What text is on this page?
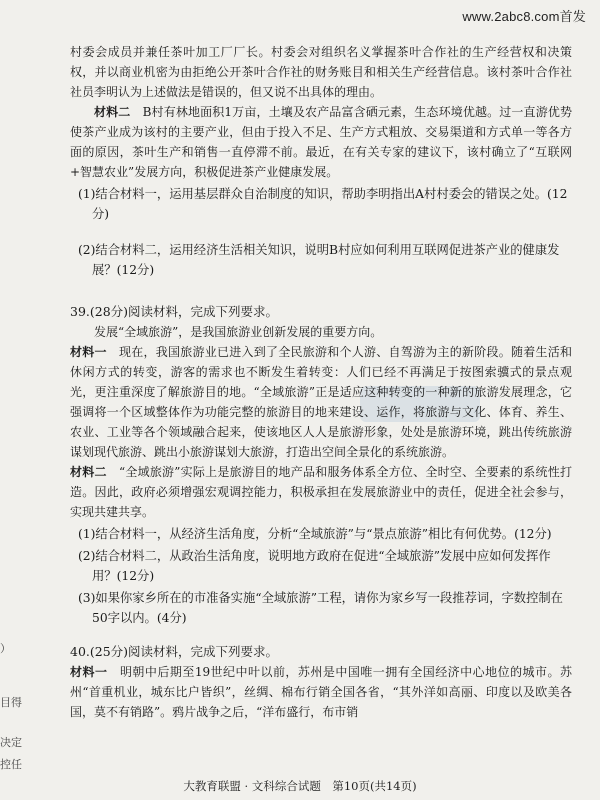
www.2abc8.com首发
）
目得
决定
控任

村委会成员并兼任茶叶加工厂厂长。村委会对组织名义掌握茶叶合作社的生产经营权和决策权，并以商业机密为由拒绝公开茶叶合作社的财务账目和相关生产经营信息。该村茶叶合作社社员李明认为上述做法是错误的，但又说不出具体的理由。

材料二　 B村有林地面积1万亩，土壤及农产品富含硒元素，生态环境优越。过一直游优势使茶产业成为该村的主要产业，但由于投入不足、生产方式粗放、交易渠道和方式单一等各方面的原因，茶叶生产和销售一直停滞不前。最近，在有关专家的建议下，该村确立了“互联网+智慧农业”发展方向，积极促进茶产业健康发展。

(1)结合材料一，运用基层群众自治制度的知识，帮助李明指出A村村委会的错误之处。(12分)

(2)结合材料二，运用经济生活相关知识，说明B村应如何利用互联网促进茶产业的健康发展？(12分)

39.(28分)阅读材料，完成下列要求。

发展“全域旅游”，是我国旅游业创新发展的重要方向。

材料一　 现在，我国旅游业已进入到了全民旅游和个人游、自驾游为主的新阶段。随着生活和休闲方式的转变，游客的需求也不断发生着转变：人们已经不再满足于按图索骥式的景点观光，更注重深度了解旅游目的地。“全域旅游”正是适应这种转变的一种新的旅游发展理念，它强调将一个区域整体作为功能完整的旅游目的地来建设、运作，将旅游与文化、体育、养生、农业、工业等各个领域融合起来，使该地区人人是旅游形象，处处是旅游环境，跳出传统旅游谋划现代旅游、跳出小旅游谋划大旅游，打造出空间全景化的系统旅游。

材料二　 “全域旅游”实际上是旅游目的地产品和服务体系全方位、全时空、全要素的系统性打造。因此，政府必须增强宏观调控能力，积极承担在发展旅游业中的责任，促进全社会参与，实现共建共享。

(1)结合材料一，从经济生活角度，分析“全域旅游”与“景点旅游”相比有何优势。(12分)

(2)结合材料二，从政治生活角度，说明地方政府在促进“全域旅游”发展中应如何发挥作用？(12分)

(3)如果你家乡所在的市准备实施“全域旅游”工程，请你为家乡写一段推荐词，字数控制在50字以内。(4分)

40.(25分)阅读材料，完成下列要求。

材料一　 明朝中后期至19世纪中叶以前，苏州是中国唯一拥有全国经济中心地位的城市。苏州“首重机业，城东比户皆织”，丝绸、棉布行销全国各省，“其外洋如高丽、印度以及欧美各国，莫不有销路”。鸦片战争之后，“洋布盛行，布市销

大教育联盟 · 文科综合试题　第10页(共14页)
